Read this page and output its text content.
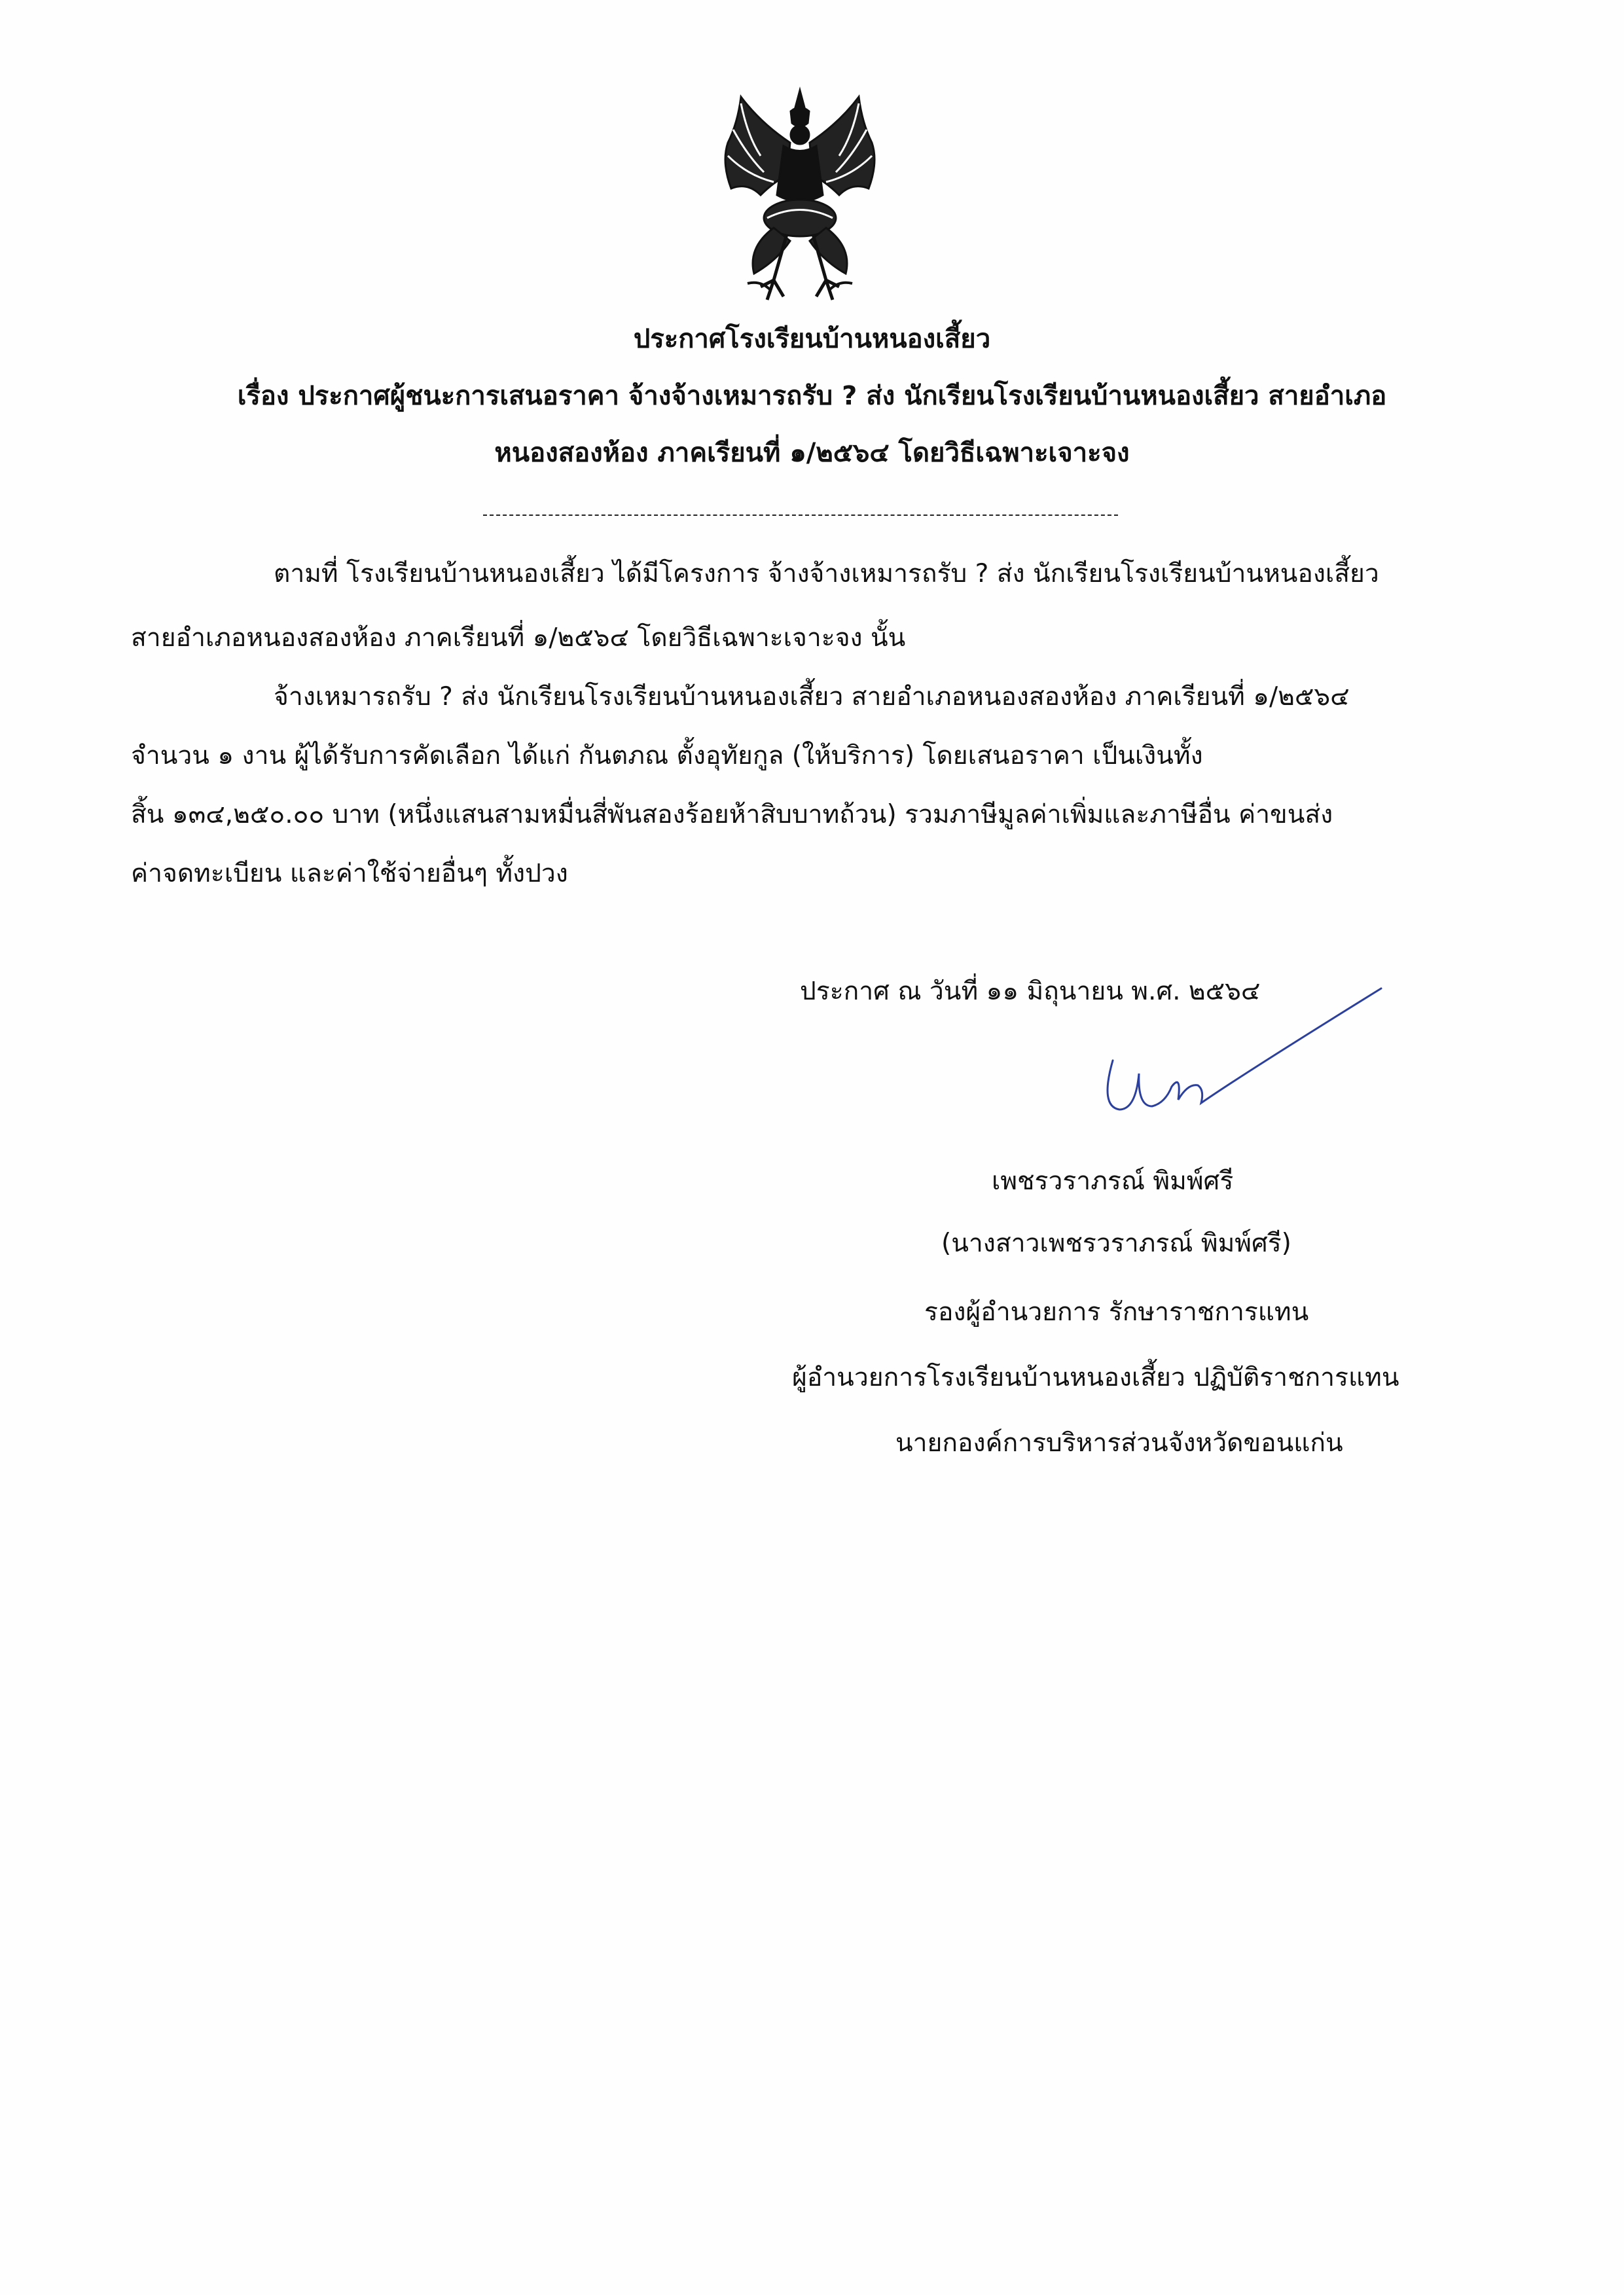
ประกาศโรงเรียนบ้านหนองเสี้ยว
เรื่อง ประกาศผู้ชนะการเสนอราคา จ้างจ้างเหมารถรับ ? ส่ง นักเรียนโรงเรียนบ้านหนองเสี้ยว สายอำเภอ
หนองสองห้อง ภาคเรียนที่ ๑/๒๕๖๔ โดยวิธีเฉพาะเจาะจง
ตามที่ โรงเรียนบ้านหนองเสี้ยว ได้มีโครงการ จ้างจ้างเหมารถรับ ? ส่ง นักเรียนโรงเรียนบ้านหนองเสี้ยว
สายอำเภอหนองสองห้อง ภาคเรียนที่ ๑/๒๕๖๔ โดยวิธีเฉพาะเจาะจง นั้น
จ้างเหมารถรับ ? ส่ง นักเรียนโรงเรียนบ้านหนองเสี้ยว สายอำเภอหนองสองห้อง ภาคเรียนที่ ๑/๒๕๖๔
จำนวน ๑ งาน ผู้ได้รับการคัดเลือก ได้แก่ กันตภณ ตั้งอุทัยกูล (ให้บริการ) โดยเสนอราคา เป็นเงินทั้ง
สิ้น ๑๓๔,๒๕๐.๐๐ บาท (หนึ่งแสนสามหมื่นสี่พันสองร้อยห้าสิบบาทถ้วน) รวมภาษีมูลค่าเพิ่มและภาษีอื่น ค่าขนส่ง
ค่าจดทะเบียน และค่าใช้จ่ายอื่นๆ ทั้งปวง
ประกาศ ณ วันที่ ๑๑ มิถุนายน พ.ศ. ๒๕๖๔
เพชรวราภรณ์ พิมพ์ศรี
(นางสาวเพชรวราภรณ์ พิมพ์ศรี)
รองผู้อำนวยการ รักษาราชการแทน
ผู้อำนวยการโรงเรียนบ้านหนองเสี้ยว ปฏิบัติราชการแทน
นายกองค์การบริหารส่วนจังหวัดขอนแก่น
